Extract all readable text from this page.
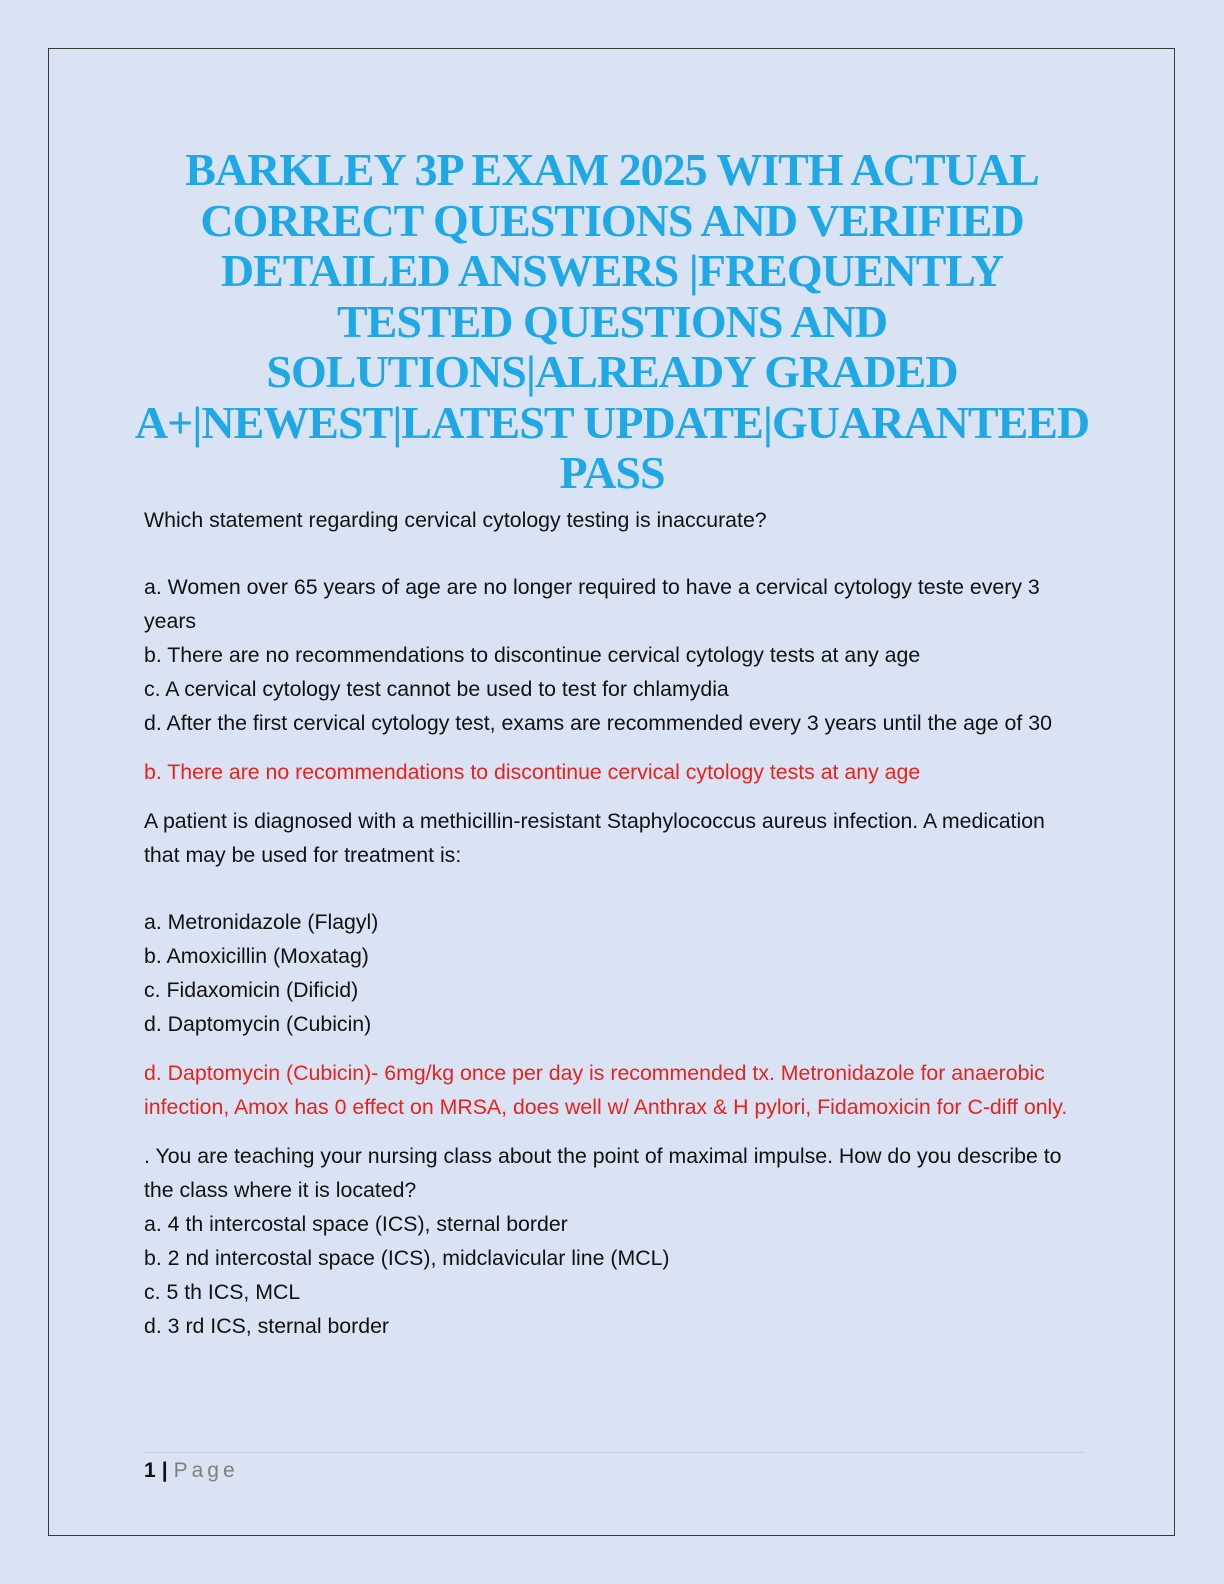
BARKLEY 3P EXAM 2025 WITH ACTUAL CORRECT QUESTIONS AND VERIFIED DETAILED ANSWERS |FREQUENTLY TESTED QUESTIONS AND SOLUTIONS|ALREADY GRADED A+|NEWEST|LATEST UPDATE|GUARANTEED PASS

Which statement regarding cervical cytology testing is inaccurate?

a. Women over 65 years of age are no longer required to have a cervical cytology teste every 3 years

b. There are no recommendations to discontinue cervical cytology tests at any age

c. A cervical cytology test cannot be used to test for chlamydia

d. After the first cervical cytology test, exams are recommended every 3 years until the age of 30

b. There are no recommendations to discontinue cervical cytology tests at any age

A patient is diagnosed with a methicillin-resistant Staphylococcus aureus infection. A medication that may be used for treatment is:

a. Metronidazole (Flagyl)

b. Amoxicillin (Moxatag)

c. Fidaxomicin (Dificid)

d. Daptomycin (Cubicin)

d. Daptomycin (Cubicin)- 6mg/kg once per day is recommended tx. Metronidazole for anaerobic infection, Amox has 0 effect on MRSA, does well w/ Anthrax & H pylori, Fidamoxicin for C-diff only.

. You are teaching your nursing class about the point of maximal impulse. How do you describe to the class where it is located?

a. 4 th intercostal space (ICS), sternal border

b. 2 nd intercostal space (ICS), midclavicular line (MCL)

c. 5 th ICS, MCL

d. 3 rd ICS, sternal border

1 | Page
